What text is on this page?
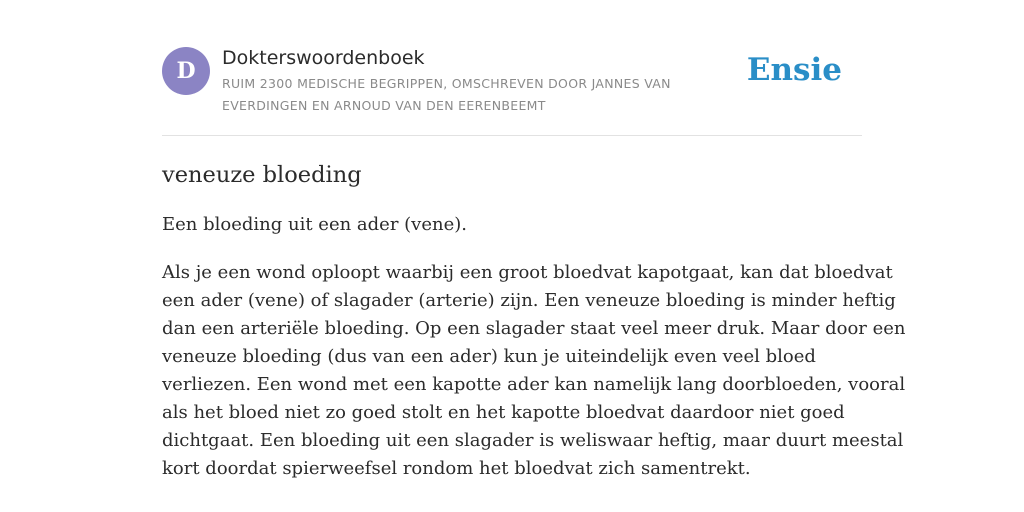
D	Dokterswoordenboek
RUIM 2300 MEDISCHE BEGRIPPEN, OMSCHREVEN DOOR JANNES VAN EVERDINGEN EN ARNOUD VAN DEN EERENBEEMT
Ensie
veneuze bloeding

Een bloeding uit een ader (vene).

Als je een wond oploopt waarbij een groot bloedvat kapotgaat, kan dat bloedvat
een ader (vene) of slagader (arterie) zijn. Een veneuze bloeding is minder heftig
dan een arteriële bloeding. Op een slagader staat veel meer druk. Maar door een
veneuze bloeding (dus van een ader) kun je uiteindelijk even veel bloed
verliezen. Een wond met een kapotte ader kan namelijk lang doorbloeden, vooral
als het bloed niet zo goed stolt en het kapotte bloedvat daardoor niet goed
dichtgaat. Een bloeding uit een slagader is weliswaar heftig, maar duurt meestal
kort doordat spierweefsel rondom het bloedvat zich samentrekt.
